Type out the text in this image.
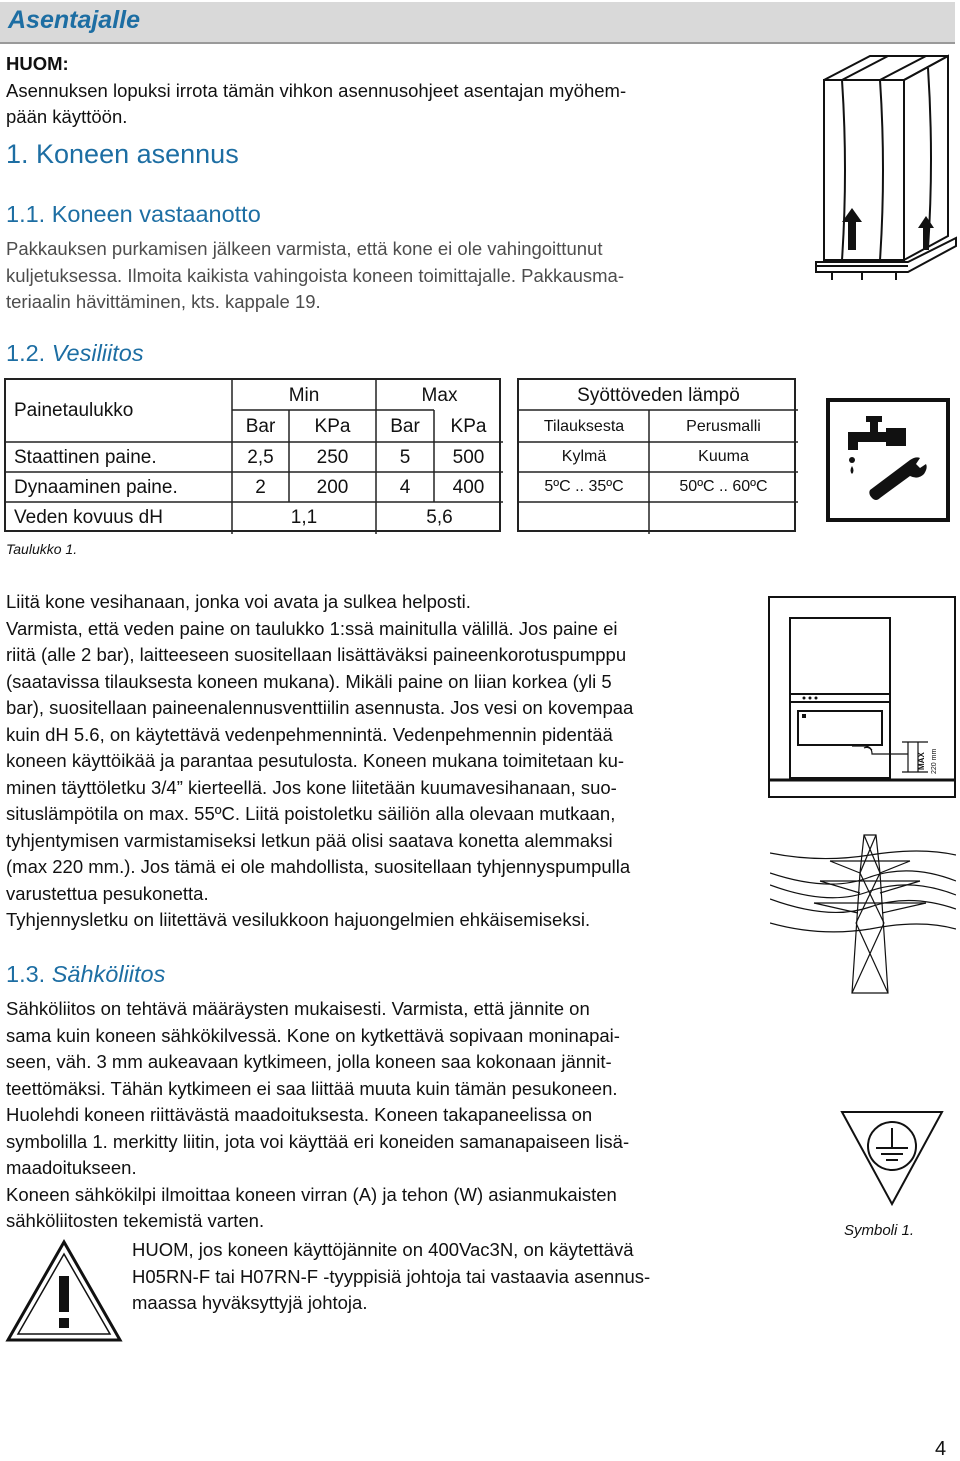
Asentajalle
HUOM:
Asennuksen lopuksi irrota tämän vihkon asennusohjeet asentajan myöhem-
pään käyttöön.
1. Koneen asennus
1.1. Koneen vastaanotto
Pakkauksen purkamisen jälkeen varmista, että kone ei ole vahingoittunut
kuljetuksessa. Ilmoita kaikista vahingoista koneen toimittajalle. Pakkausma-
teriaalin hävittäminen, kts. kappale 19.
1.2. Vesiliitos
Painetaulukko
Min	Max
Bar	KPa	Bar	KPa
Staattinen paine.	2,5	250	5	500
Dynaaminen paine.	2	200	4	400
Veden kovuus dH	1,1	5,6
Taulukko 1.
Syöttöveden lämpö
Tilauksesta	Perusmalli
Kylmä	Kuuma
5ºC .. 35ºC	50ºC .. 60ºC
Liitä kone vesihanaan, jonka voi avata ja sulkea helposti.
Varmista, että veden paine on taulukko 1:ssä mainitulla välillä. Jos paine ei
riitä (alle 2 bar), laitteeseen suositellaan lisättäväksi paineenkorotuspumppu
(saatavissa tilauksesta koneen mukana). Mikäli paine on liian korkea (yli 5
bar), suositellaan paineenalennusventtiilin asennusta. Jos vesi on kovempaa
kuin dH 5.6, on käytettävä vedenpehmennintä. Vedenpehmennin pidentää
koneen käyttöikää ja parantaa pesutulosta. Koneen mukana toimitetaan ku-
minen täyttöletku 3/4” kierteellä. Jos kone liitetään kuumavesihanaan, suo-
situslämpötila on max. 55ºC. Liitä poistoletku säiliön alla olevaan mutkaan,
tyhjentymisen varmistamiseksi letkun pää olisi saatava konetta alemmaksi
(max 220 mm.). Jos tämä ei ole mahdollista, suositellaan tyhjennyspumpulla
varustettua pesukonetta.
Tyhjennysletku on liitettävä vesilukkoon hajuongelmien ehkäisemiseksi.
MAX 220 mm
1.3. Sähköliitos
Sähköliitos on tehtävä määräysten mukaisesti. Varmista, että jännite on
sama kuin koneen sähkökilvessä. Kone on kytkettävä sopivaan moninapai-
seen, väh. 3 mm aukeavaan kytkimeen, jolla koneen saa kokonaan jännit-
teettömäksi. Tähän kytkimeen ei saa liittää muuta kuin tämän pesukoneen.
Huolehdi koneen riittävästä maadoituksesta. Koneen takapaneelissa on
symbolilla 1. merkitty liitin, jota voi käyttää eri koneiden samanapaiseen lisä-
maadoitukseen.
Koneen sähkökilpi ilmoittaa koneen virran (A) ja tehon (W) asianmukaisten
sähköliitosten tekemistä varten.	Symboli 1.
HUOM, jos koneen käyttöjännite on 400Vac3N, on käytettävä
H05RN-F tai H07RN-F -tyyppisiä johtoja tai vastaavia asennus-
maassa hyväksyttyjä johtoja.
4
